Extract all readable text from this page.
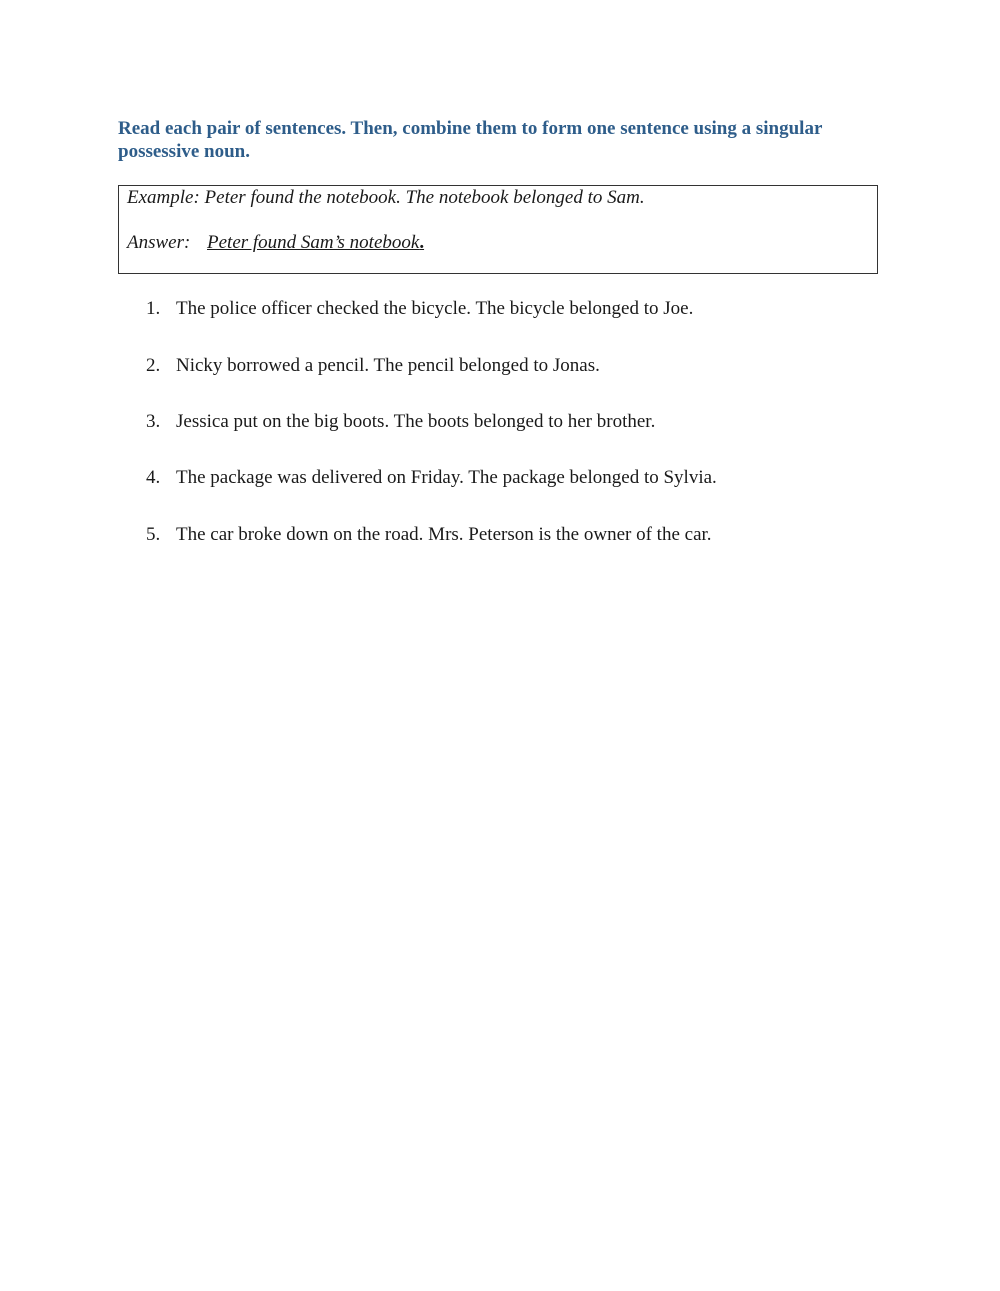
Read each pair of sentences. Then, combine them to form one sentence using a singular possessive noun.
Example: Peter found the notebook. The notebook belonged to Sam.
Answer: Peter found Sam’s notebook.
1. The police officer checked the bicycle. The bicycle belonged to Joe.
2. Nicky borrowed a pencil. The pencil belonged to Jonas.
3. Jessica put on the big boots. The boots belonged to her brother.
4. The package was delivered on Friday. The package belonged to Sylvia.
5. The car broke down on the road. Mrs. Peterson is the owner of the car.
